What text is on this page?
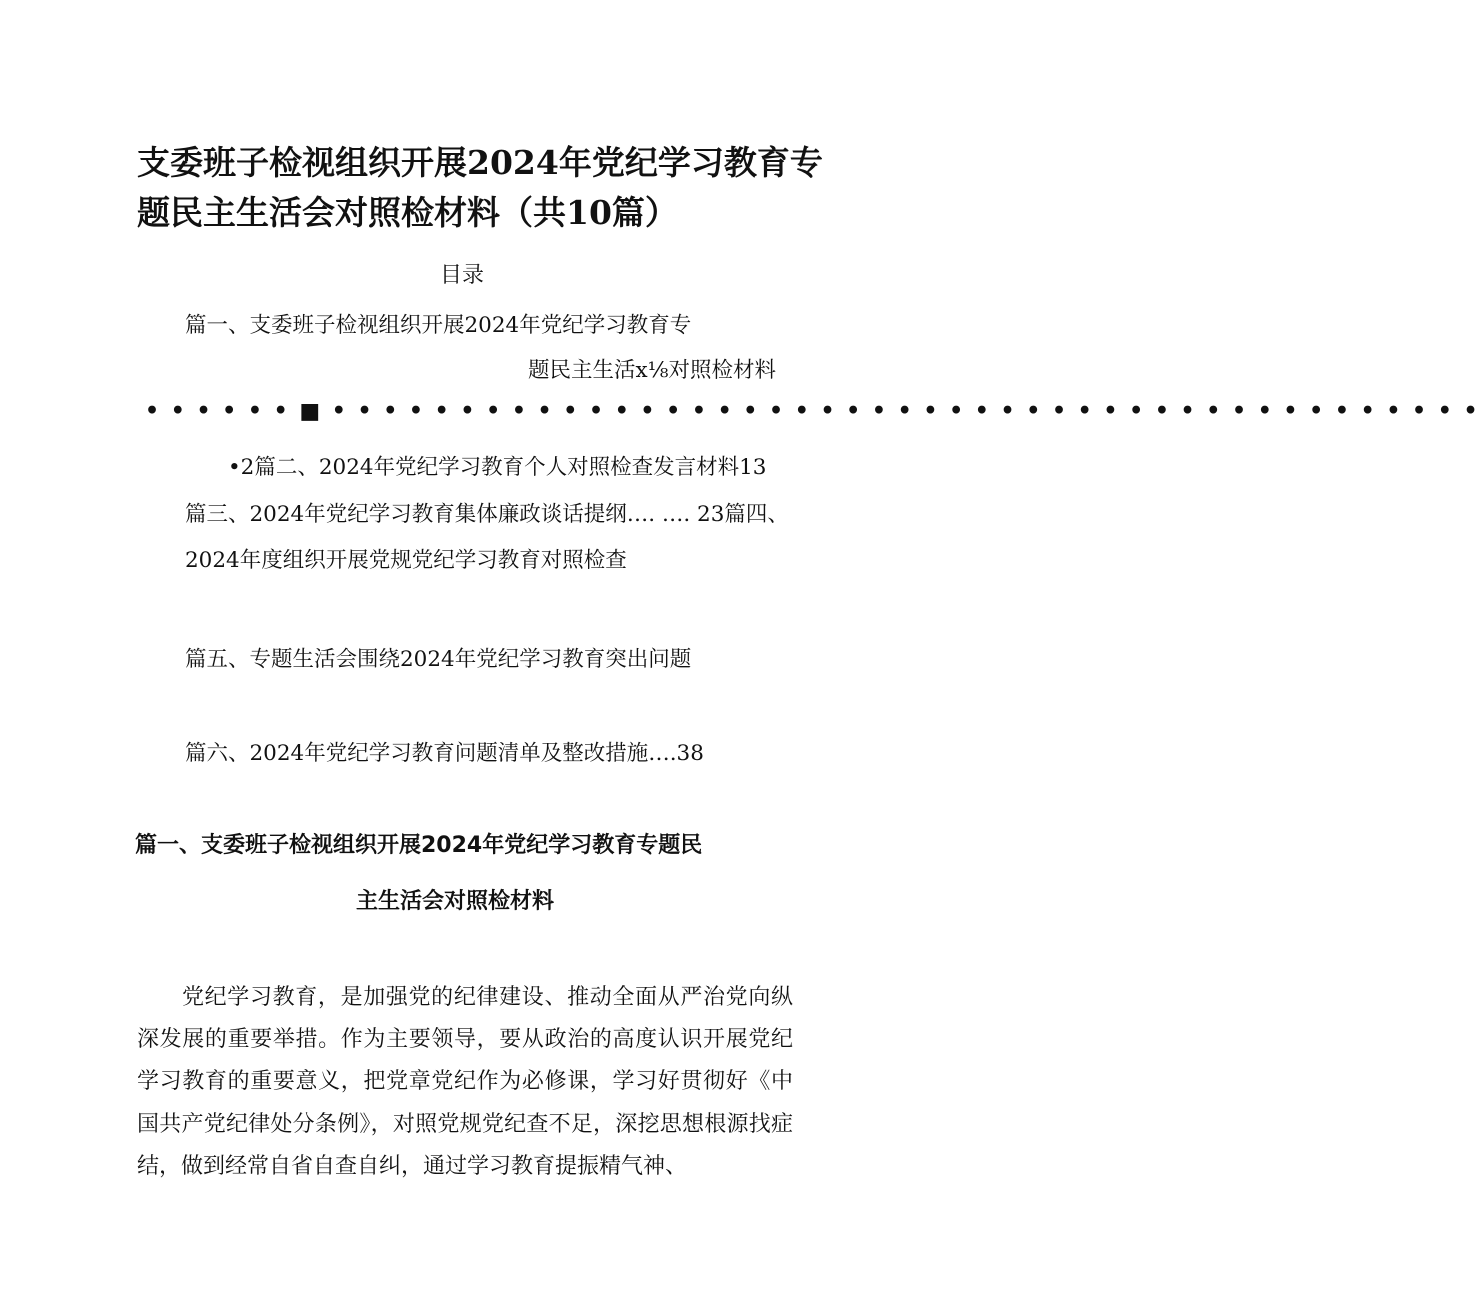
支委班子检视组织开展2024年党纪学习教育专
题民主生活会对照检材料（共10篇）
目录
篇一、支委班子检视组织开展2024年党纪学习教育专
题民主生活x⅛对照检材料
• • • • • • ■ • • • • • • • • • • • • • • • • • • • • • • • • • • • • • • • • • • • • • • • • • • • • •
•2篇二、2024年党纪学习教育个人对照检查发言材料13
篇三、2024年党纪学习教育集体廉政谈话提纲…. …. 23篇四、
2024年度组织开展党规党纪学习教育对照检查
篇五、专题生活会围绕2024年党纪学习教育突出问题
篇六、2024年党纪学习教育问题清单及整改措施….38
篇一、支委班子检视组织开展2024年党纪学习教育专题民
主生活会对照检材料

党纪学习教育，是加强党的纪律建设、推动全面从严治党向纵深发展的重要举措。作为主要领导，要从政治的高度认识开展党纪学习教育的重要意义，把党章党纪作为必修课，学习好贯彻好《中国共产党纪律处分条例》，对照党规党纪查不足，深挖思想根源找症结，做到经常自省自查自纠，通过学习教育提振精气神、
